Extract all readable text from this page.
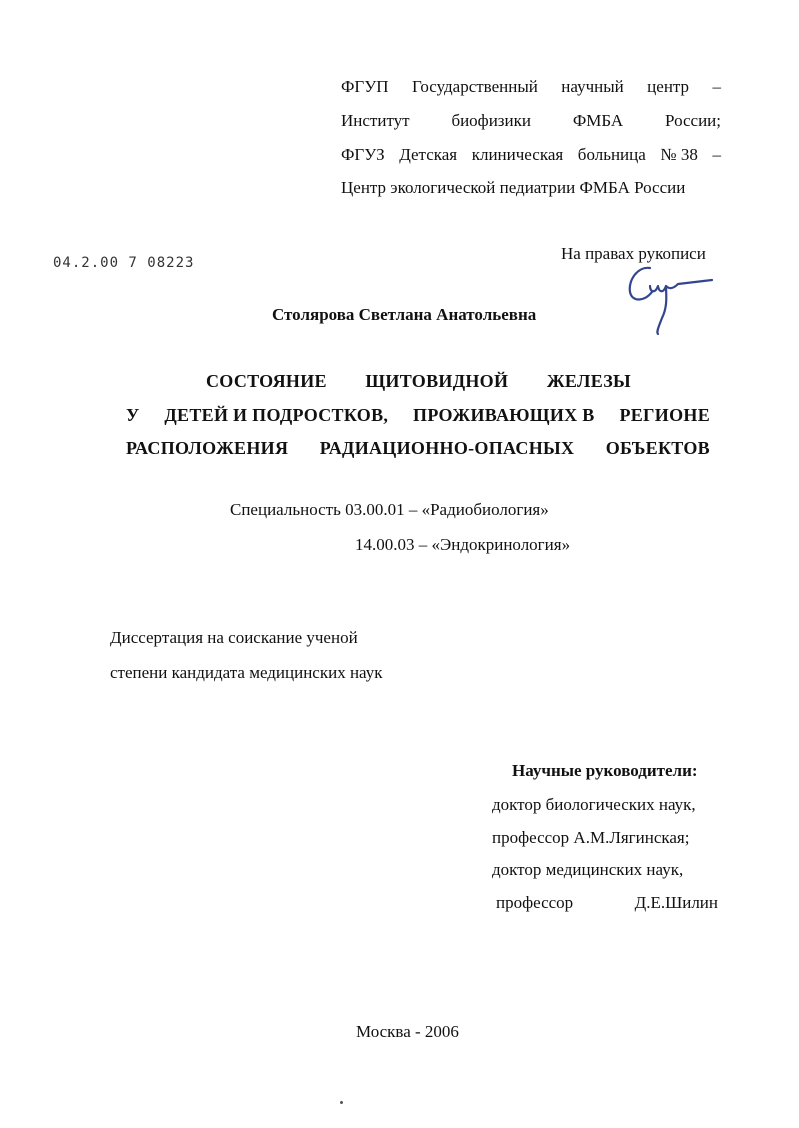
ФГУП Государственный научный центр –
Институт биофизики ФМБА России;
ФГУЗ Детская клиническая больница № 38 –
Центр экологической педиатрии ФМБА России
04.2.00 7 08223	На правах рукописи
Столярова Светлана Анатольевна
СОСТОЯНИЕ ЩИТОВИДНОЙ ЖЕЛЕЗЫ
У ДЕТЕЙ И ПОДРОСТКОВ, ПРОЖИВАЮЩИХ В РЕГИОНЕ
РАСПОЛОЖЕНИЯ РАДИАЦИОННО-ОПАСНЫХ ОБЪЕКТОВ
Специальность 03.00.01 – «Радиобиология»
14.00.03 – «Эндокринология»
Диссертация на соискание ученой
степени кандидата медицинских наук
Научные руководители:
доктор биологических наук,
профессор А.М.Лягинская;
доктор медицинских наук,
профессор	Д.Е.Шилин
Москва - 2006
